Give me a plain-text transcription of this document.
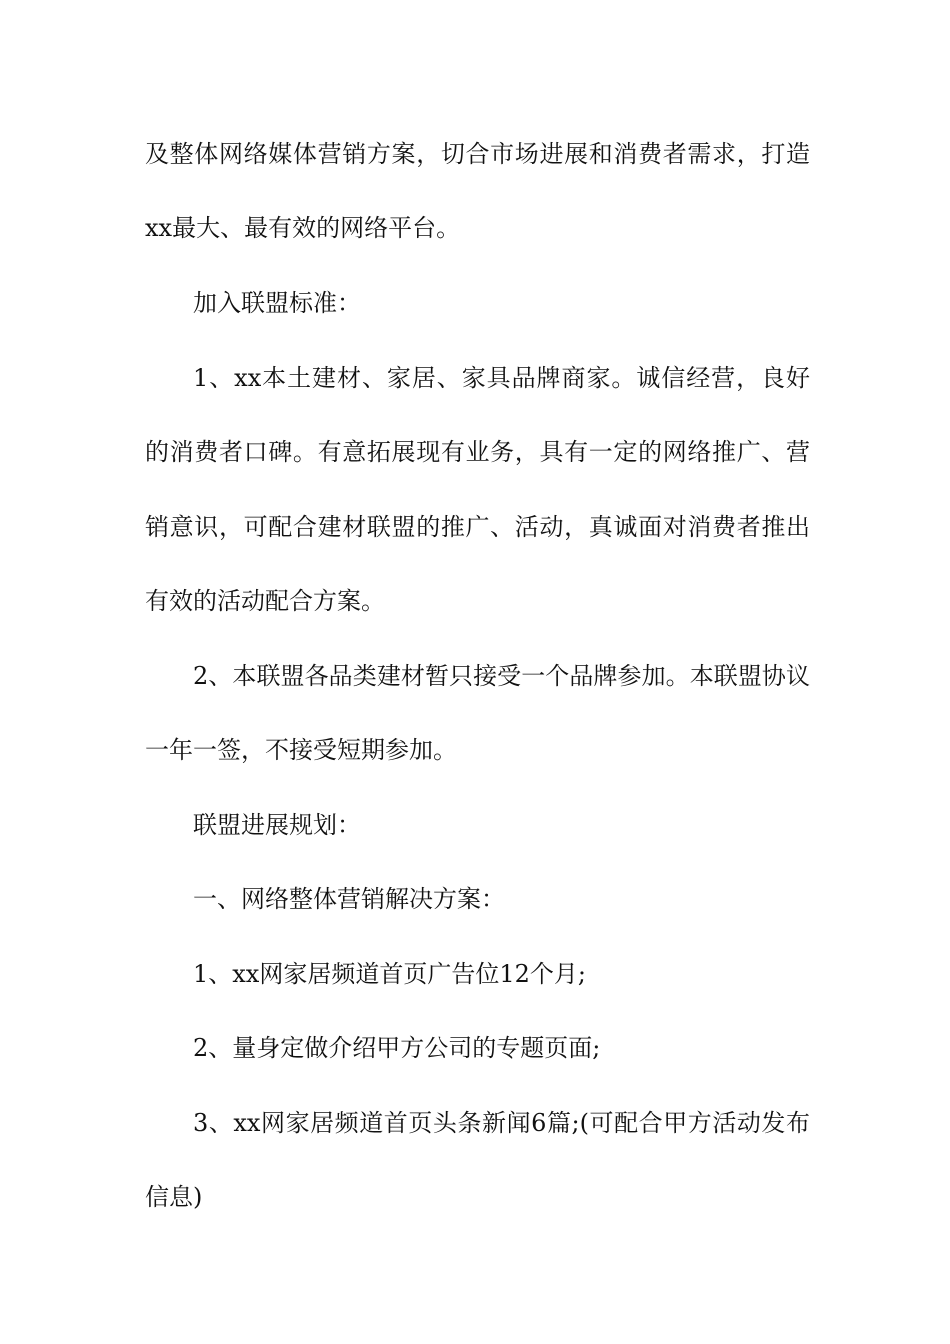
及整体网络媒体营销方案，切合市场进展和消费者需求，打造
xx最大、最有效的网络平台。
加入联盟标准：
1、xx本土建材、家居、家具品牌商家。诚信经营，良好
的消费者口碑。有意拓展现有业务，具有一定的网络推广、营
销意识，可配合建材联盟的推广、活动，真诚面对消费者推出
有效的活动配合方案。
2、本联盟各品类建材暂只接受一个品牌参加。本联盟协议
一年一签，不接受短期参加。
联盟进展规划：
一、网络整体营销解决方案：
1、xx网家居频道首页广告位12个月;
2、量身定做介绍甲方公司的专题页面;
3、xx网家居频道首页头条新闻6篇;(可配合甲方活动发布
信息)
